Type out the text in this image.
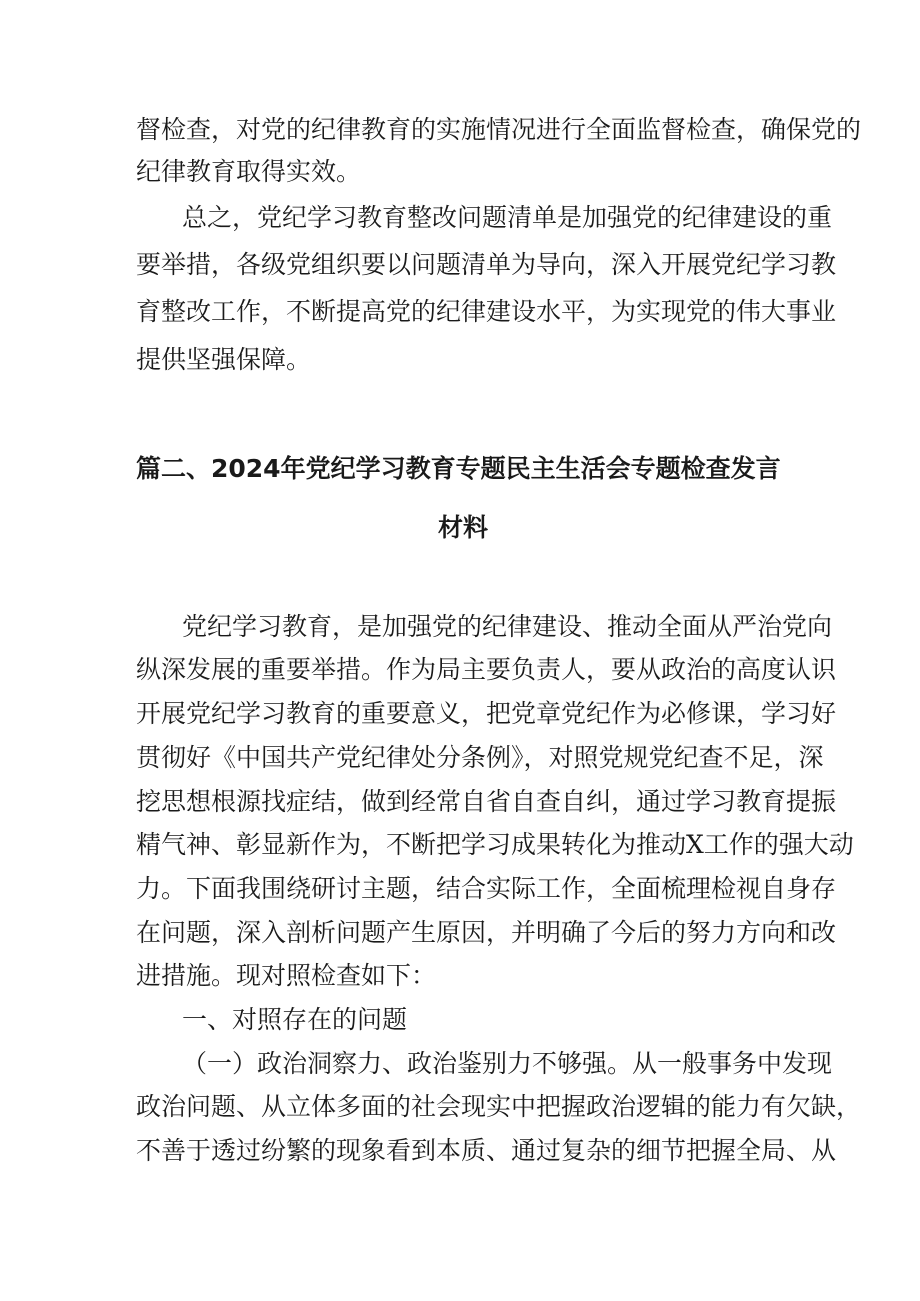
督检查，对党的纪律教育的实施情况进行全面监督检查，确保党的
纪律教育取得实效。
总之，党纪学习教育整改问题清单是加强党的纪律建设的重
要举措，各级党组织要以问题清单为导向，深入开展党纪学习教
育整改工作，不断提高党的纪律建设水平，为实现党的伟大事业
提供坚强保障。
篇二、2024年党纪学习教育专题民主生活会专题检查发言
材料
党纪学习教育，是加强党的纪律建设、推动全面从严治党向
纵深发展的重要举措。作为局主要负责人，要从政治的高度认识
开展党纪学习教育的重要意义，把党章党纪作为必修课，学习好
贯彻好《中国共产党纪律处分条例》，对照党规党纪查不足，深
挖思想根源找症结，做到经常自省自查自纠，通过学习教育提振
精气神、彰显新作为，不断把学习成果转化为推动X工作的强大动
力。下面我围绕研讨主题，结合实际工作，全面梳理检视自身存
在问题，深入剖析问题产生原因，并明确了今后的努力方向和改
进措施。现对照检查如下：
一、对照存在的问题
（一）政治洞察力、政治鉴别力不够强。从一般事务中发现
政治问题、从立体多面的社会现实中把握政治逻辑的能力有欠缺，
不善于透过纷繁的现象看到本质、通过复杂的细节把握全局、从
